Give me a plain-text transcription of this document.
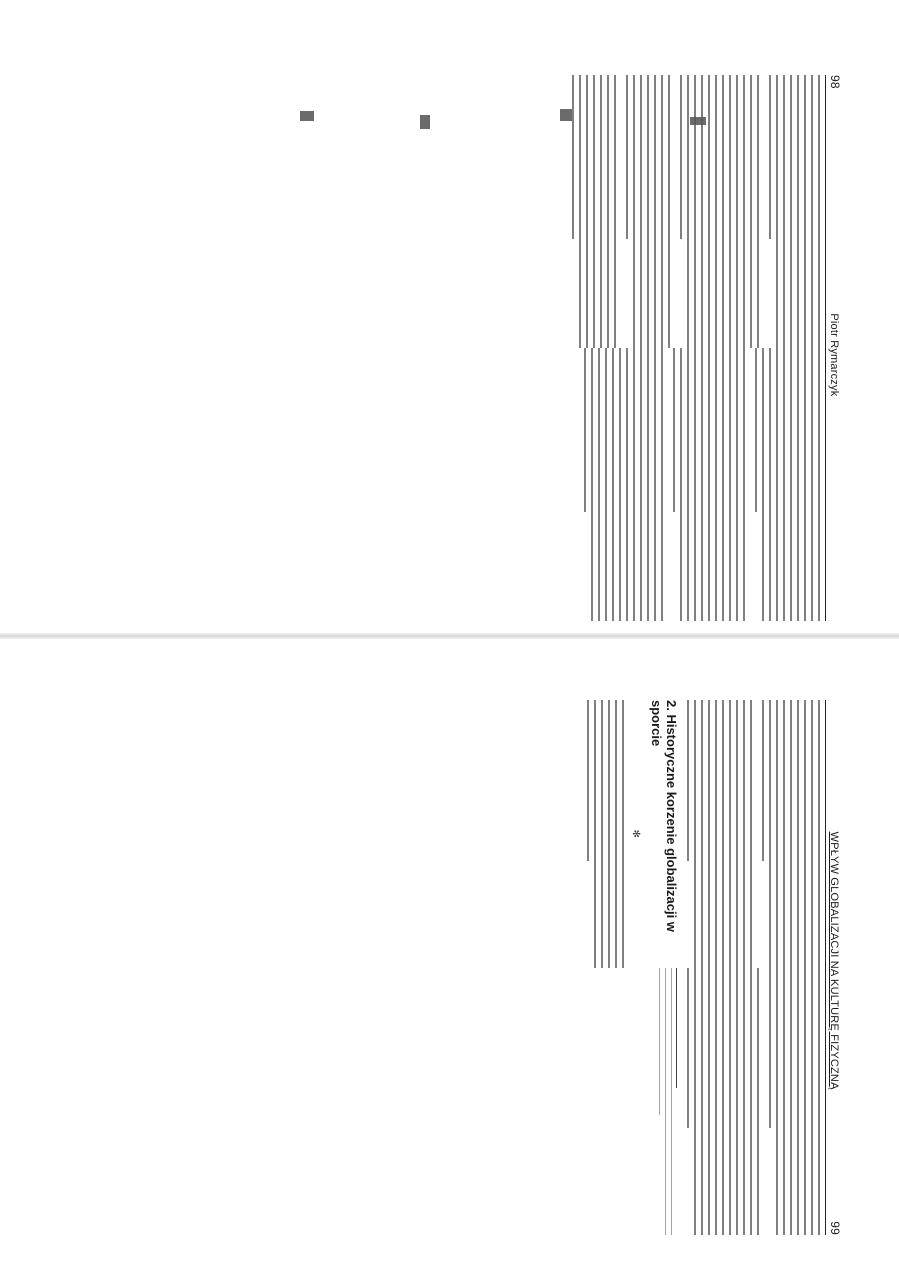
98
Piotr Rymarczyk
WPŁYW GLOBALIZACJI NA KULTURĘ FIZYCZNĄ
99
2. Historyczne korzenie globalizacji w sporcie
✻
